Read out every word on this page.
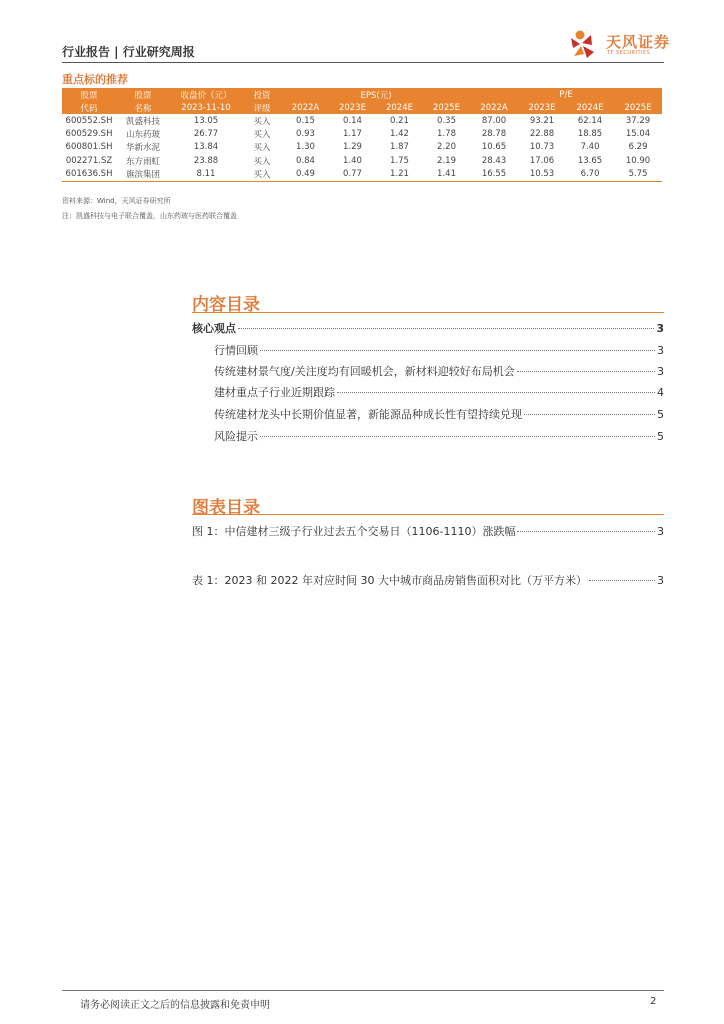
行业报告 | 行业研究周报
天风证券
TF SECURITIES
重点标的推荐
股票	股票	收盘价（元）	投资	EPS(元)				P/E			
代码	名称	2023-11-10	评级	2022A	2023E	2024E	2025E	2022A	2023E	2024E	2025E
600552.SH	凯盛科技	13.05	买入	0.15	0.14	0.21	0.35	87.00	93.21	62.14	37.29
600529.SH	山东药玻	26.77	买入	0.93	1.17	1.42	1.78	28.78	22.88	18.85	15.04
600801.SH	华新水泥	13.84	买入	1.30	1.29	1.87	2.20	10.65	10.73	7.40	6.29
002271.SZ	东方雨虹	23.88	买入	0.84	1.40	1.75	2.19	28.43	17.06	13.65	10.90
601636.SH	旗滨集团	8.11	买入	0.49	0.77	1.21	1.41	16.55	10.53	6.70	5.75
资料来源：Wind，天风证券研究所
注：凯盛科技与电子联合覆盖，山东药玻与医药联合覆盖
内容目录
核心观点	3
行情回顾	3
传统建材景气度/关注度均有回暖机会，新材料迎较好布局机会	3
建材重点子行业近期跟踪	4
传统建材龙头中长期价值显著，新能源品种成长性有望持续兑现	5
风险提示	5
图表目录
图 1：中信建材三级子行业过去五个交易日（1106-1110）涨跌幅	3
表 1：2023 和 2022 年对应时间 30 大中城市商品房销售面积对比（万平方米）	3
请务必阅读正文之后的信息披露和免责申明	2
